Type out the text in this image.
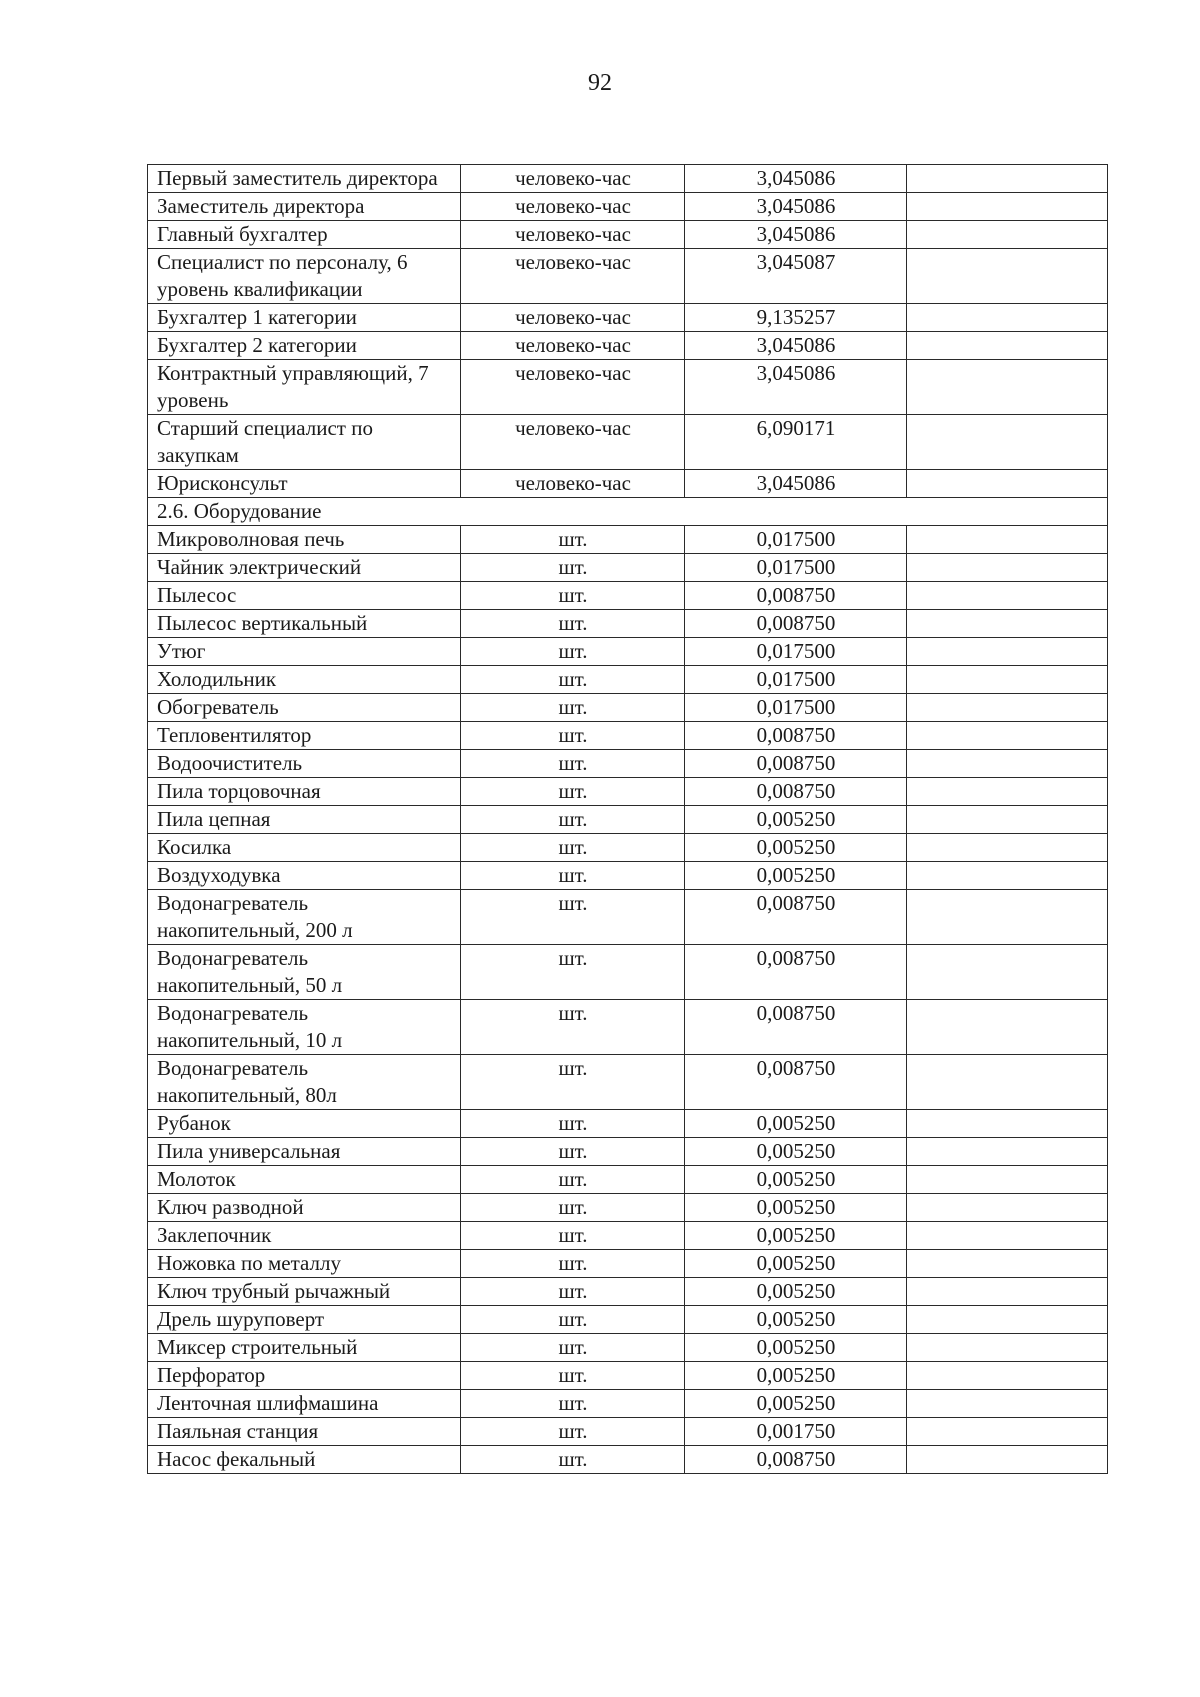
92
Первый заместитель директора	человеко-час	3,045086	
Заместитель директора	человеко-час	3,045086	
Главный бухгалтер	человеко-час	3,045086	
Специалист по персоналу, 6 уровень квалификации	человеко-час	3,045087	
Бухгалтер 1 категории	человеко-час	9,135257	
Бухгалтер 2 категории	человеко-час	3,045086	
Контрактный управляющий, 7 уровень	человеко-час	3,045086	
Старший специалист по закупкам	человеко-час	6,090171	
Юрисконсульт	человеко-час	3,045086	
2.6. Оборудование			
Микроволновая печь	шт.	0,017500	
Чайник электрический	шт.	0,017500	
Пылесос	шт.	0,008750	
Пылесос вертикальный	шт.	0,008750	
Утюг	шт.	0,017500	
Холодильник	шт.	0,017500	
Обогреватель	шт.	0,017500	
Тепловентилятор	шт.	0,008750	
Водоочиститель	шт.	0,008750	
Пила торцовочная	шт.	0,008750	
Пила цепная	шт.	0,005250	
Косилка	шт.	0,005250	
Воздуходувка	шт.	0,005250	
Водонагреватель накопительный, 200 л	шт.	0,008750	
Водонагреватель накопительный, 50 л	шт.	0,008750	
Водонагреватель накопительный, 10 л	шт.	0,008750	
Водонагреватель накопительный, 80л	шт.	0,008750	
Рубанок	шт.	0,005250	
Пила универсальная	шт.	0,005250	
Молоток	шт.	0,005250	
Ключ разводной	шт.	0,005250	
Заклепочник	шт.	0,005250	
Ножовка по металлу	шт.	0,005250	
Ключ трубный рычажный	шт.	0,005250	
Дрель шуруповерт	шт.	0,005250	
Миксер строительный	шт.	0,005250	
Перфоратор	шт.	0,005250	
Ленточная шлифмашина	шт.	0,005250	
Паяльная станция	шт.	0,001750	
Насос фекальный	шт.	0,008750	
